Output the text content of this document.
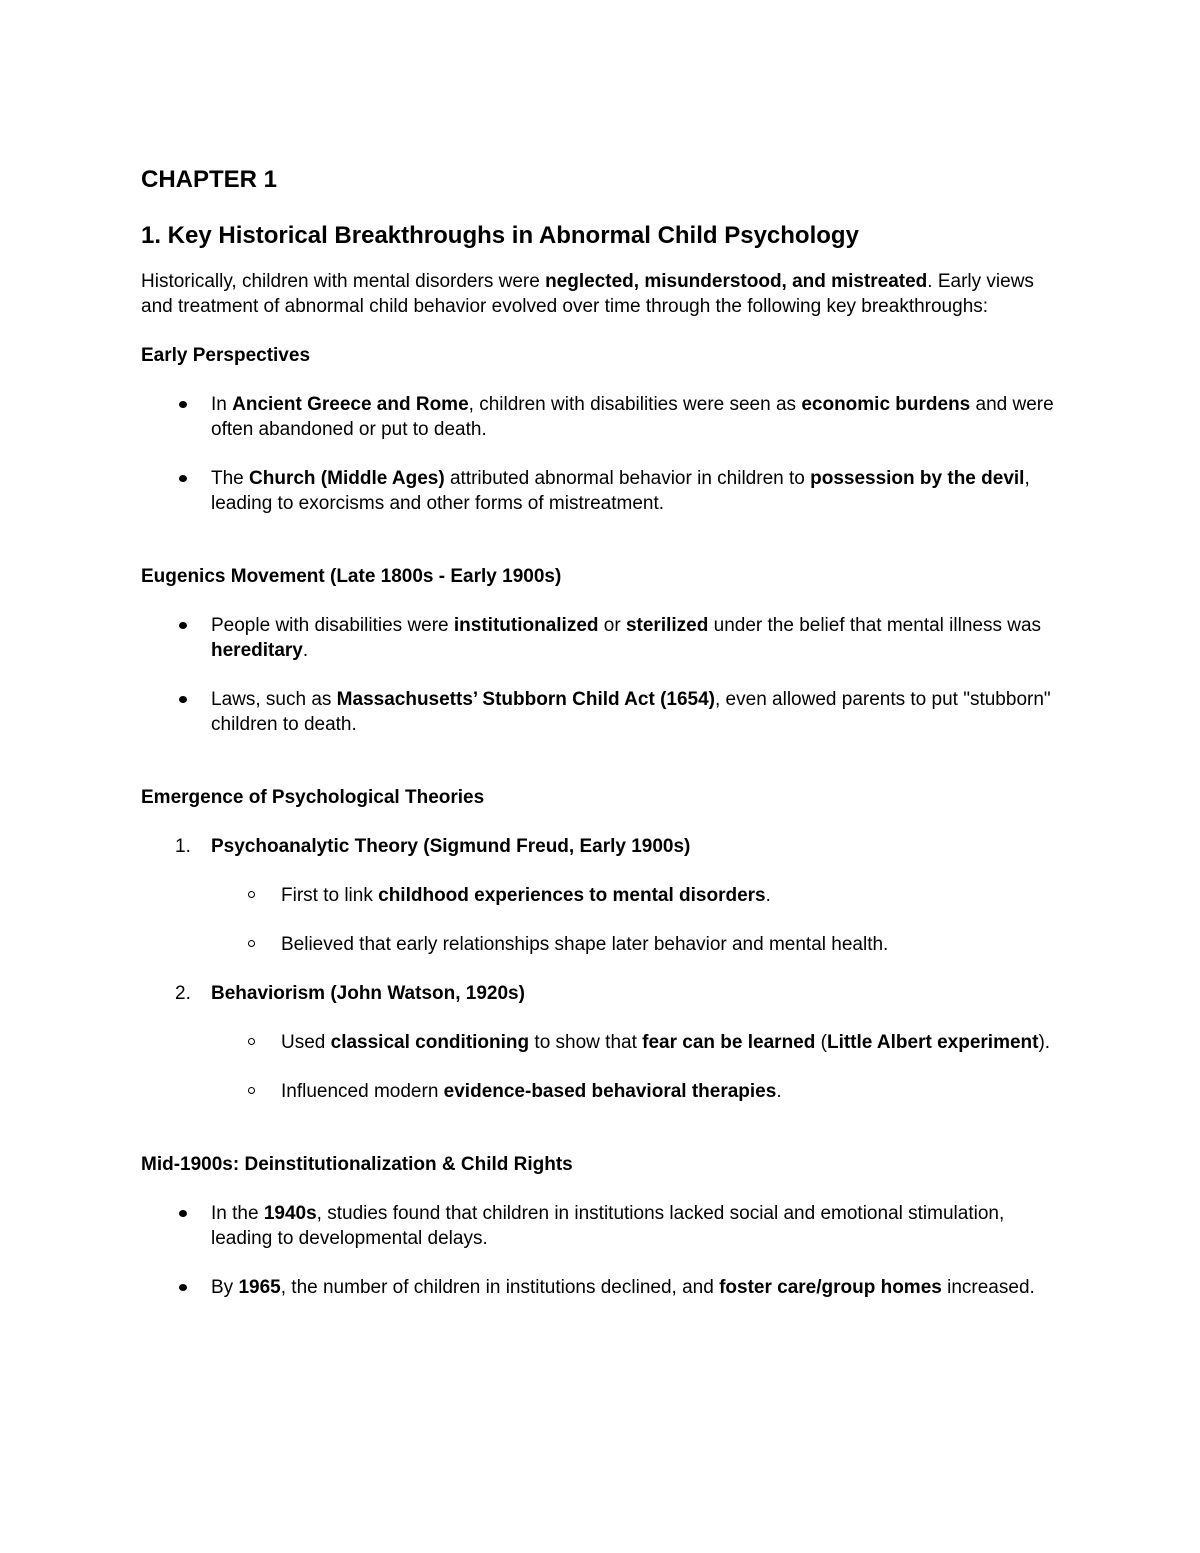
CHAPTER 1
1. Key Historical Breakthroughs in Abnormal Child Psychology

Historically, children with mental disorders were neglected, misunderstood, and mistreated. Early views and treatment of abnormal child behavior evolved over time through the following key breakthroughs:

Early Perspectives
In Ancient Greece and Rome, children with disabilities were seen as economic burdens and were often abandoned or put to death.
The Church (Middle Ages) attributed abnormal behavior in children to possession by the devil, leading to exorcisms and other forms of mistreatment.
Eugenics Movement (Late 1800s - Early 1900s)
People with disabilities were institutionalized or sterilized under the belief that mental illness was hereditary.
Laws, such as Massachusetts’ Stubborn Child Act (1654), even allowed parents to put "stubborn" children to death.
Emergence of Psychological Theories
1. Psychoanalytic Theory (Sigmund Freud, Early 1900s)
First to link childhood experiences to mental disorders.
Believed that early relationships shape later behavior and mental health.
2. Behaviorism (John Watson, 1920s)
Used classical conditioning to show that fear can be learned (Little Albert experiment).
Influenced modern evidence-based behavioral therapies.
Mid-1900s: Deinstitutionalization & Child Rights
In the 1940s, studies found that children in institutions lacked social and emotional stimulation, leading to developmental delays.
By 1965, the number of children in institutions declined, and foster care/group homes increased.
